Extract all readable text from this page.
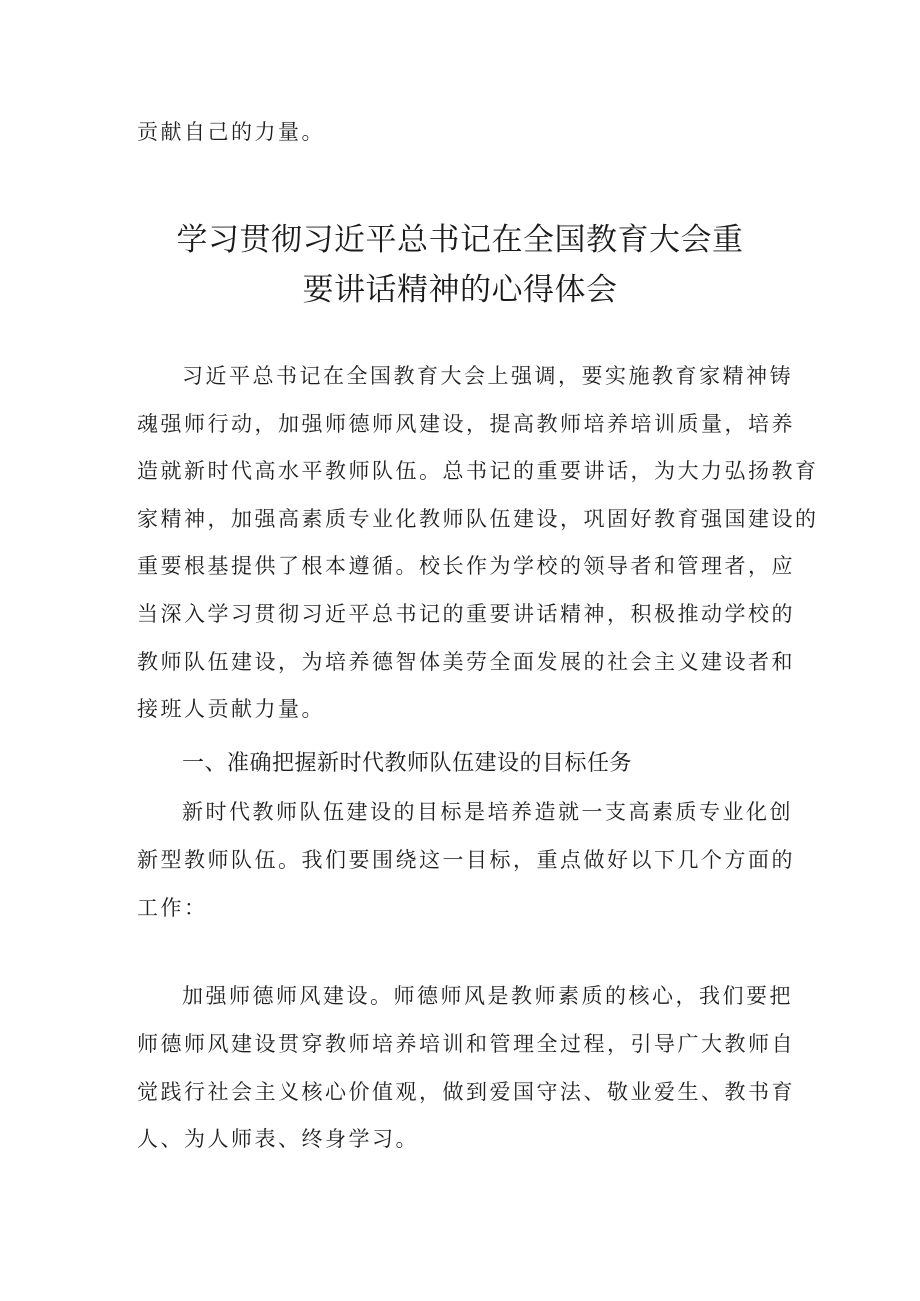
贡献自己的力量。
学习贯彻习近平总书记在全国教育大会重
要讲话精神的心得体会
习近平总书记在全国教育大会上强调，要实施教育家精神铸
魂强师行动，加强师德师风建设，提高教师培养培训质量，培养
造就新时代高水平教师队伍。总书记的重要讲话，为大力弘扬教育
家精神，加强高素质专业化教师队伍建设，巩固好教育强国建设的
重要根基提供了根本遵循。校长作为学校的领导者和管理者，应
当深入学习贯彻习近平总书记的重要讲话精神，积极推动学校的
教师队伍建设，为培养德智体美劳全面发展的社会主义建设者和
接班人贡献力量。
一、准确把握新时代教师队伍建设的目标任务
新时代教师队伍建设的目标是培养造就一支高素质专业化创
新型教师队伍。我们要围绕这一目标，重点做好以下几个方面的
工作：
加强师德师风建设。师德师风是教师素质的核心，我们要把
师德师风建设贯穿教师培养培训和管理全过程，引导广大教师自
觉践行社会主义核心价值观，做到爱国守法、敬业爱生、教书育
人、为人师表、终身学习。
